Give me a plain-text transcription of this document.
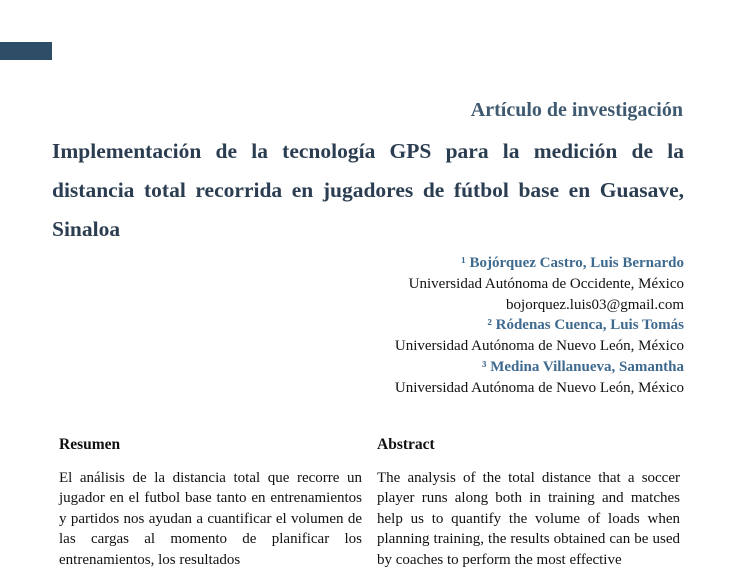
Artículo de investigación
Implementación de la tecnología GPS para la medición de la distancia total recorrida en jugadores de fútbol base en Guasave, Sinaloa
¹ Bojórquez Castro, Luis Bernardo
Universidad Autónoma de Occidente, México
bojorquez.luis03@gmail.com
² Ródenas Cuenca, Luis Tomás
Universidad Autónoma de Nuevo León, México
³ Medina Villanueva, Samantha
Universidad Autónoma de Nuevo León, México
Resumen	Abstract

El análisis de la distancia total que recorre un jugador en el futbol base tanto en entrenamientos y partidos nos ayudan a cuantificar el volumen de las cargas al momento de planificar los entrenamientos, los resultados

The analysis of the total distance that a soccer player runs along both in training and matches help us to quantify the volume of loads when planning training, the results obtained can be used by coaches to perform the most effective
